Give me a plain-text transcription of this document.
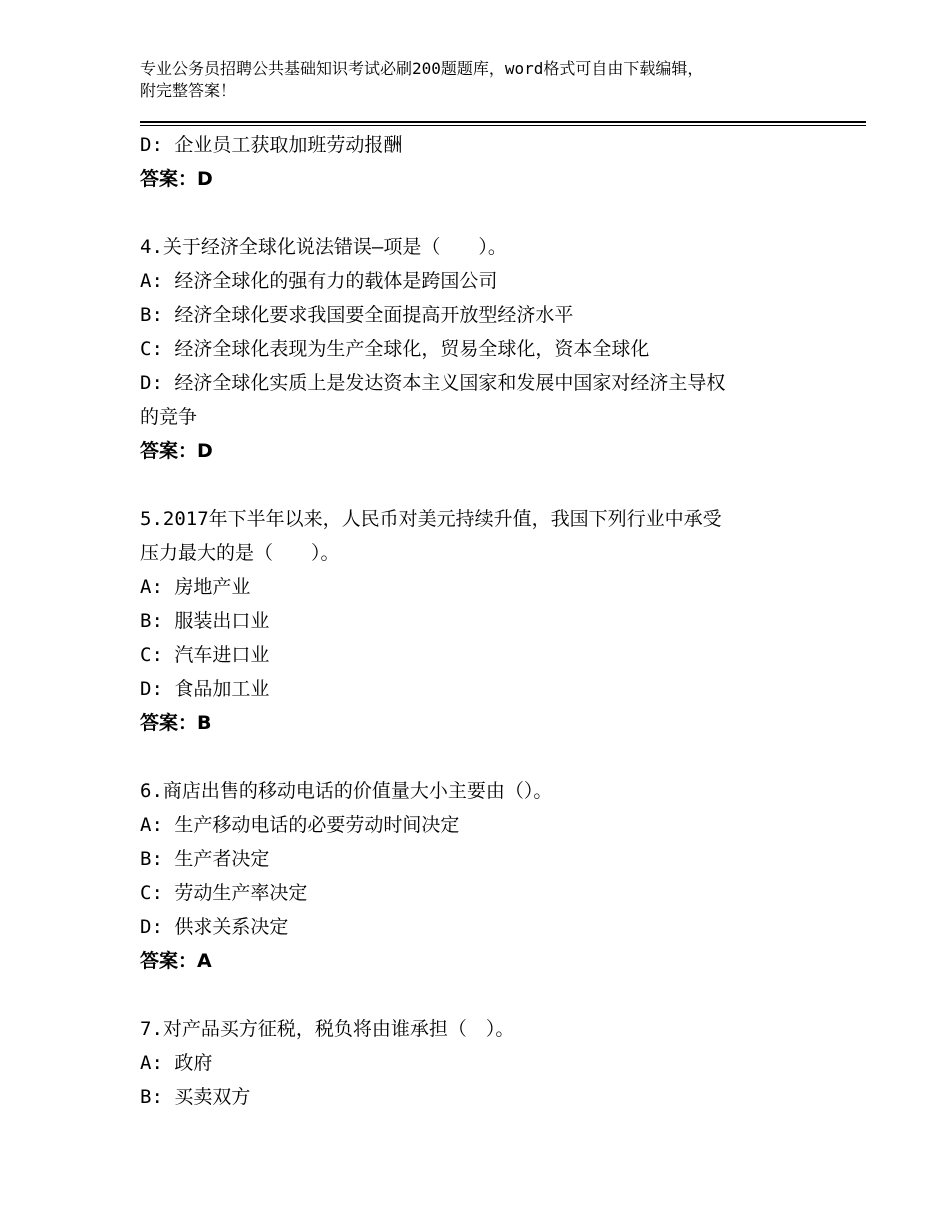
专业公务员招聘公共基础知识考试必刷200题题库，word格式可自由下载编辑，
附完整答案！

D: 企业员工获取加班劳动报酬

答案：D

4.关于经济全球化说法错误—项是（　　）。

A: 经济全球化的强有力的载体是跨国公司

B: 经济全球化要求我国要全面提高开放型经济水平

C: 经济全球化表现为生产全球化，贸易全球化，资本全球化

D: 经济全球化实质上是发达资本主义国家和发展中国家对经济主导权

的竞争

答案：D

5.2017年下半年以来，人民币对美元持续升值，我国下列行业中承受

压力最大的是（　　）。

A: 房地产业

B: 服装出口业

C: 汽车进口业

D: 食品加工业

答案：B

6.商店出售的移动电话的价值量大小主要由（）。

A: 生产移动电话的必要劳动时间决定

B: 生产者决定

C: 劳动生产率决定

D: 供求关系决定

答案：A

7.对产品买方征税，税负将由谁承担（　）。

A: 政府

B: 买卖双方
